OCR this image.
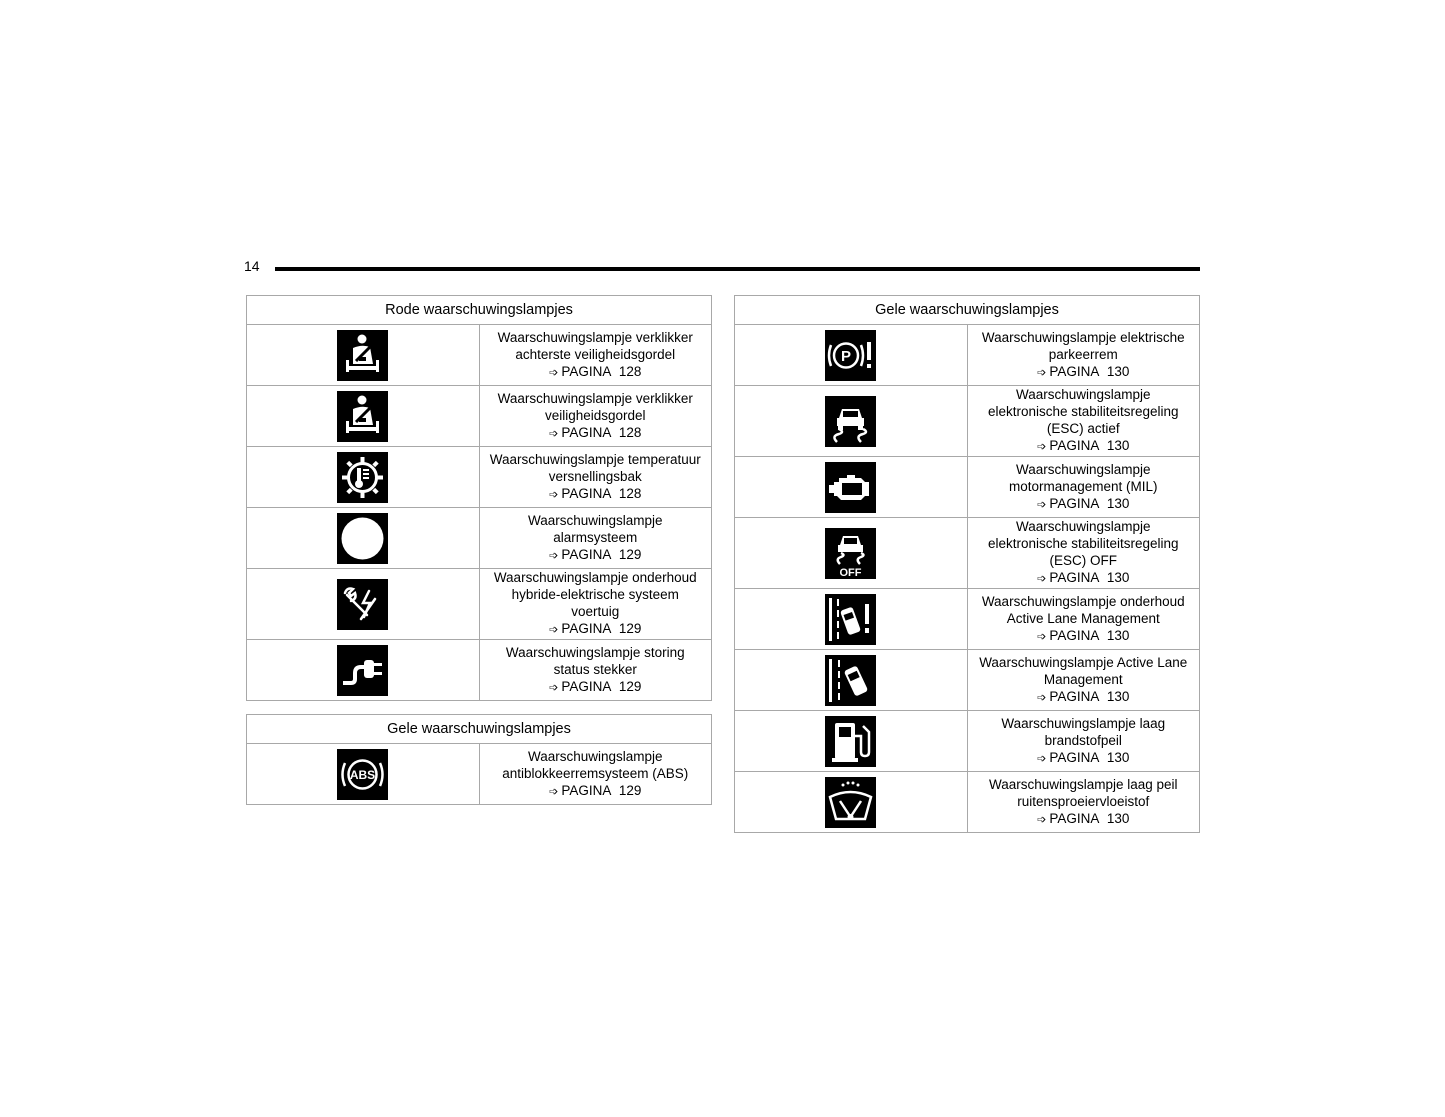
14
Rode waarschuwingslampjes	

	Waarschuwingslampje verklikker achterste veiligheidsgordel
➩ PAGINA 128

	Waarschuwingslampje verklikker veiligheidsgordel
➩ PAGINA 128

	Waarschuwingslampje temperatuur versnellingsbak
➩ PAGINA 128

	Waarschuwingslampje alarmsysteem
➩ PAGINA 129

	Waarschuwingslampje onderhoud hybride-elektrische systeem voertuig
➩ PAGINA 129

	Waarschuwingslampje storing status stekker
➩ PAGINA 129
Gele waarschuwingslampjes

ABS
	Waarschuwingslampje antiblokkeerremsysteem (ABS)
➩ PAGINA 129
Gele waarschuwingslampjes	

P	Waarschuwingslampje elektrische parkeerrem
➩ PAGINA 130

	Waarschuwingslampje elektronische stabiliteitsregeling (ESC) actief
➩ PAGINA 130

	Waarschuwingslampje motormanagement (MIL)
➩ PAGINA 130

OFF	Waarschuwingslampje elektronische stabiliteitsregeling (ESC) OFF
➩ PAGINA 130

	Waarschuwingslampje onderhoud Active Lane Management
➩ PAGINA 130

	Waarschuwingslampje Active Lane Management
➩ PAGINA 130

	Waarschuwingslampje laag brandstofpeil
➩ PAGINA 130

	Waarschuwingslampje laag peil ruitensproeiervloeistof
➩ PAGINA 130
